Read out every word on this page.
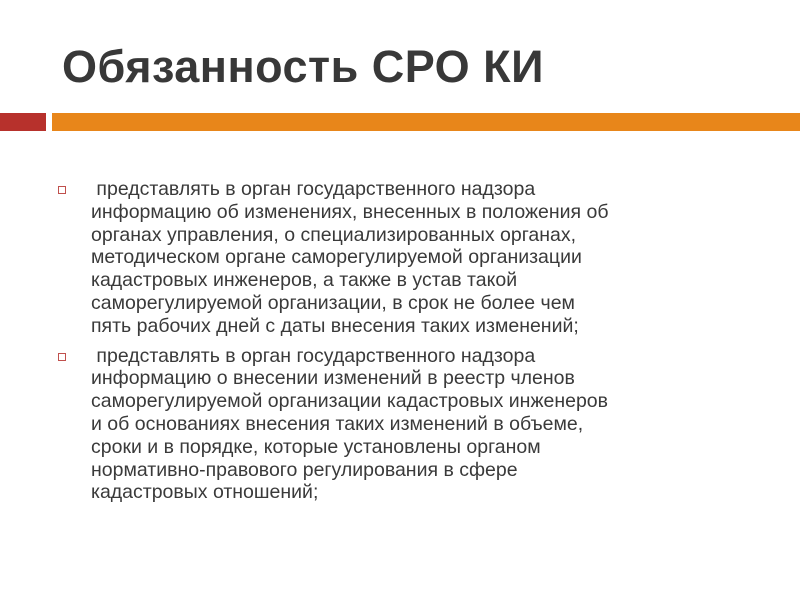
Обязанность СРО КИ
представлять в орган государственного надзора
информацию об изменениях, внесенных в положения об
органах управления, о специализированных органах,
методическом органе саморегулируемой организации
кадастровых инженеров, а также в устав такой
саморегулируемой организации, в срок не более чем
пять рабочих дней с даты внесения таких изменений;
представлять в орган государственного надзора
информацию о внесении изменений в реестр членов
саморегулируемой организации кадастровых инженеров
и об основаниях внесения таких изменений в объеме,
сроки и в порядке, которые установлены органом
нормативно-правового регулирования в сфере
кадастровых отношений;
